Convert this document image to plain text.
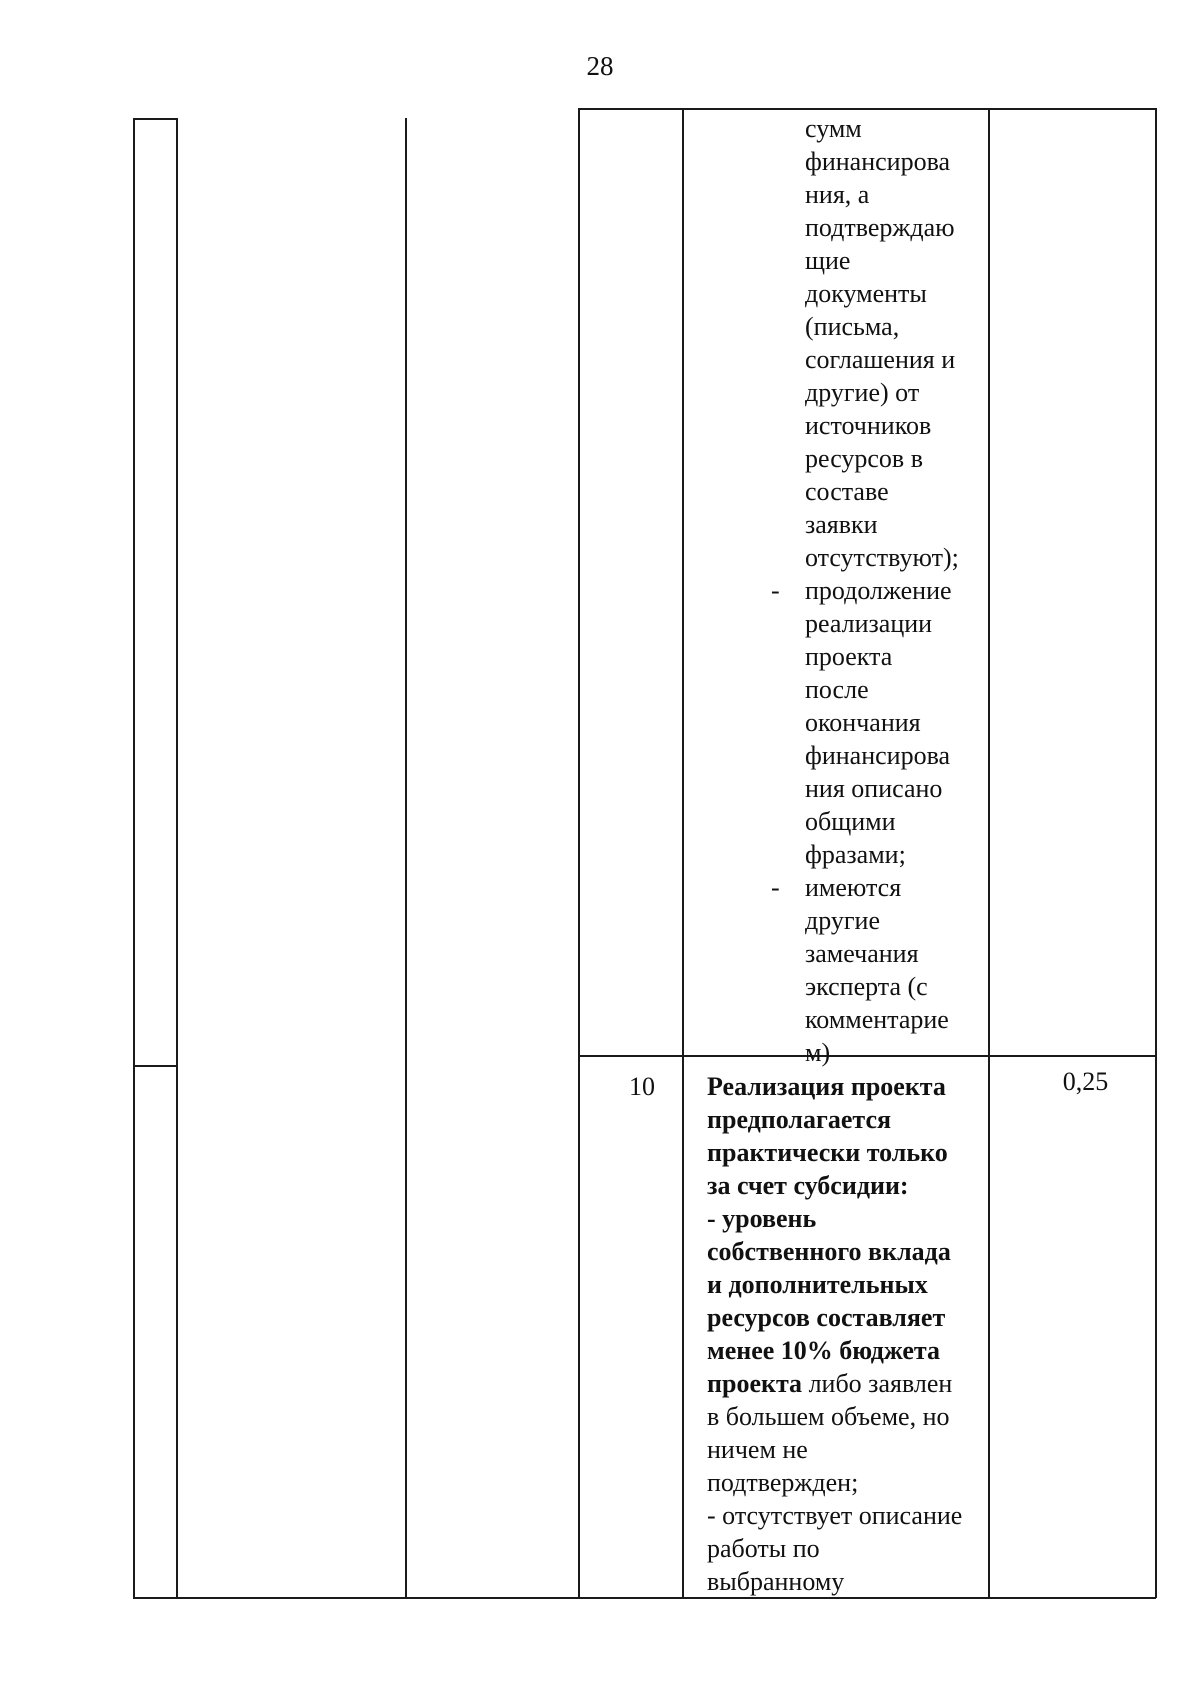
28
сумм
финансирова
ния, а
подтверждаю
щие
документы
(письма,
соглашения и
другие) от
источников
ресурсов в
составе
заявки
отсутствуют);
- продолжение
реализации
проекта
после
окончания
финансирова
ния описано
общими
фразами;
- имеются
другие
замечания
эксперта (с
комментарие
м)
10	Реализация проекта
предполагается
практически только
за счет субсидии:
- уровень
собственного вклада
и дополнительных
ресурсов составляет
менее 10% бюджета
проекта либо заявлен
в большем объеме, но
ничем не
подтвержден;
- отсутствует описание
работы по
выбранному
0,25
